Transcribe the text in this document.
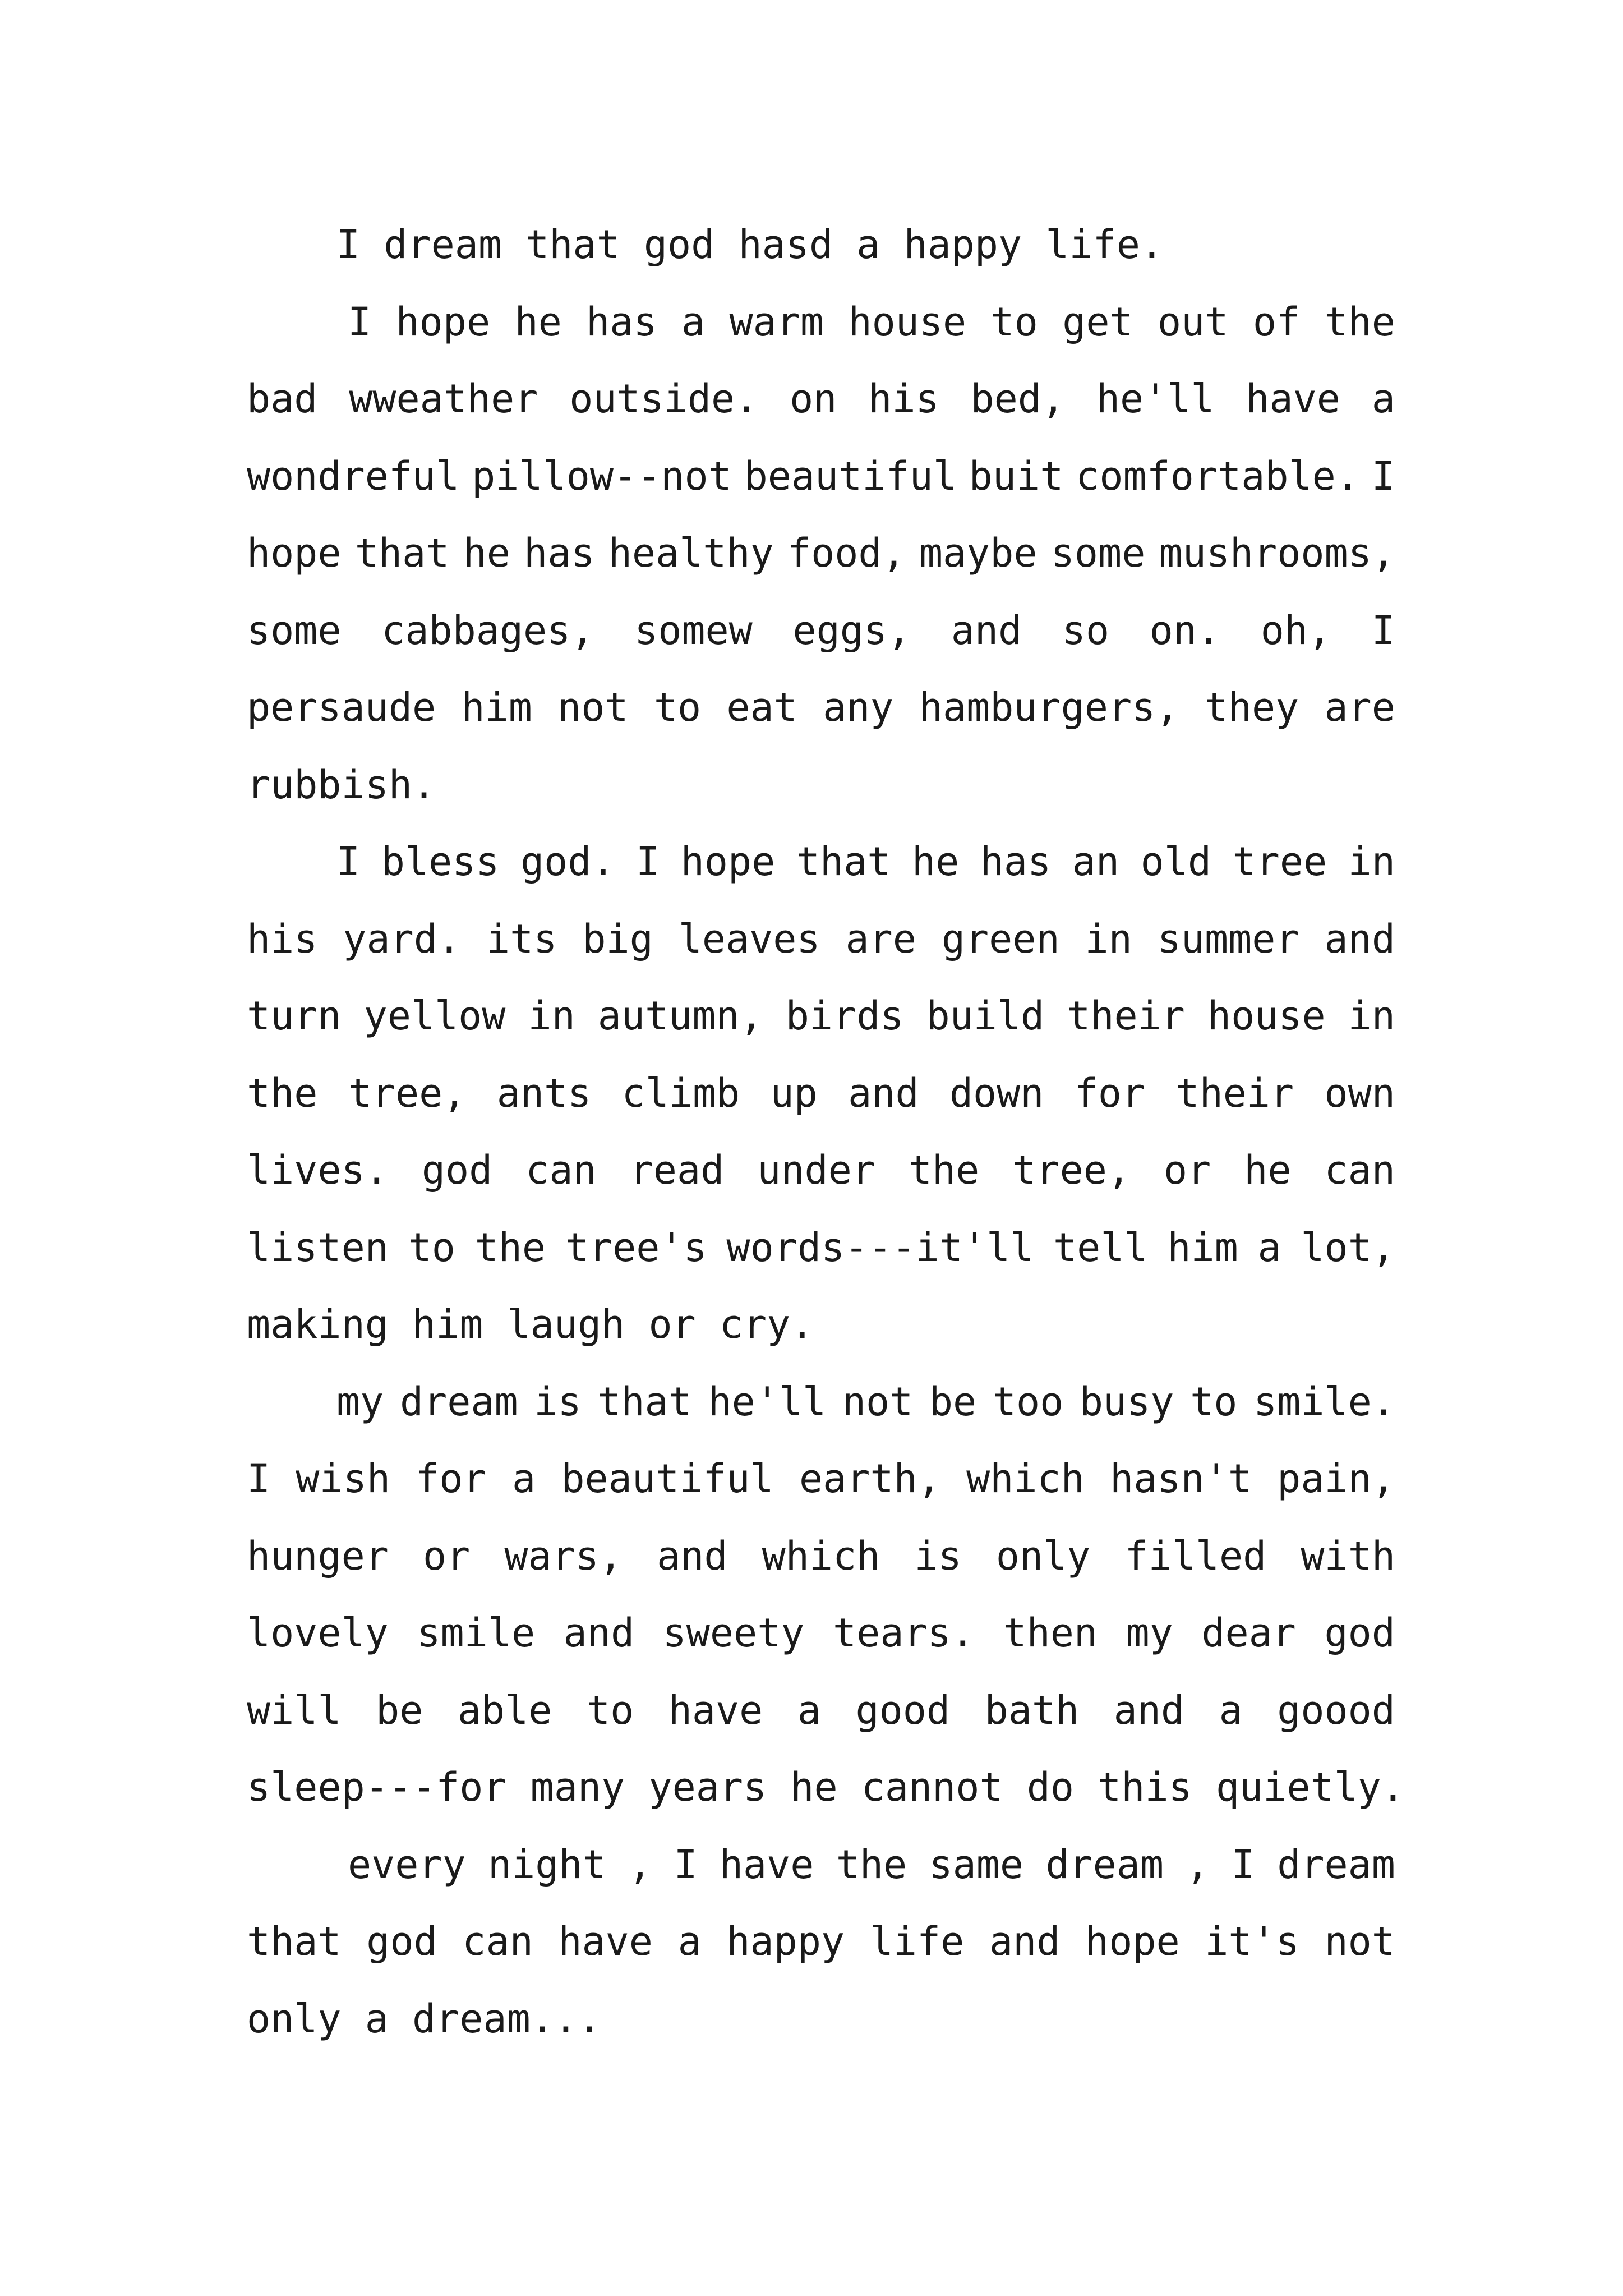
I dream that god hasd a happy life.
I hope he has a warm house to get out of the
bad wweather outside. on his bed, he'll have a
wondreful pillow--not beautiful buit comfortable. I
hope that he has healthy food, maybe some mushrooms,
some cabbages, somew eggs, and so on. oh, I
persaude him not to eat any hamburgers, they are
rubbish.
I bless god. I hope that he has an old tree in
his yard. its big leaves are green in summer and
turn yellow in autumn, birds build their house in
the tree, ants climb up and down for their own
lives. god can read under the tree, or he can
listen to the tree's words---it'll tell him a lot,
making him laugh or cry.
my dream is that he'll not be too busy to smile.
I wish for a beautiful earth, which hasn't pain,
hunger or wars, and which is only filled with
lovely smile and sweety tears. then my dear god
will be able to have a good bath and a goood
sleep---for many years he cannot do this quietly.
every night , I have the same dream , I dream
that god can have a happy life and hope it's not
only a dream...
